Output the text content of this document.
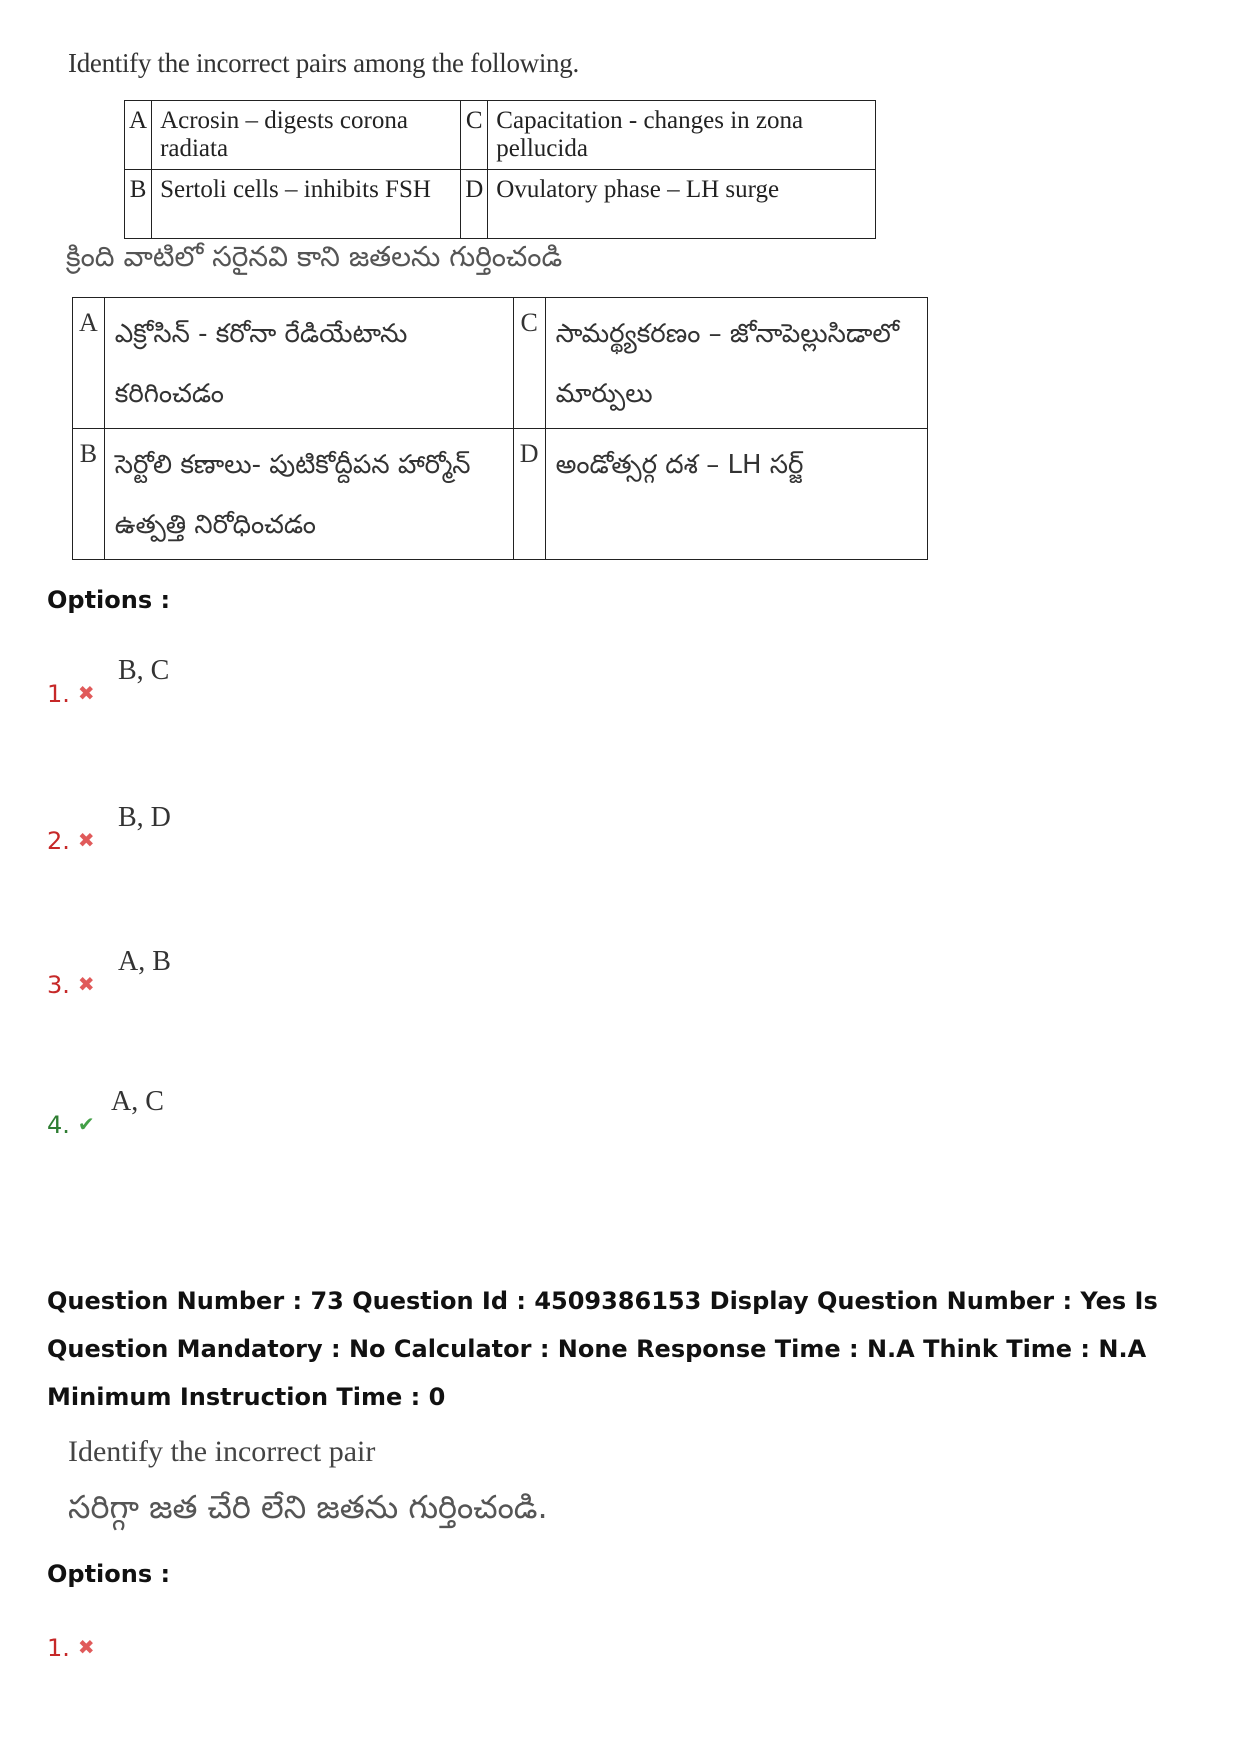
Identify the incorrect pairs among the following.
A	Acrosin – digests corona radiata	C	Capacitation - changes in zona pellucida
B	Sertoli cells – inhibits FSH	D	Ovulatory phase – LH surge
క్రింది వాటిలో సరైనవి కాని జతలను గుర్తించండి
A	ఎక్రోసిన్ - కరోనా రేడియేటాను కరిగించడం	C	సామర్థ్యకరణం – జోనాపెల్లుసిడాలో మార్పులు
B	సెర్టోలి కణాలు- పుటికోద్దీపన హార్మోన్ ఉత్పత్తి నిరోధించడం	D	అండోత్సర్గ దశ – LH సర్జ్
Options :
B, C
1. ✖
B, D
2. ✖
A, B
3. ✖
A, C
4. ✔
Question Number : 73 Question Id : 4509386153 Display Question Number : Yes Is Question Mandatory : No Calculator : None Response Time : N.A Think Time : N.A Minimum Instruction Time : 0
Identify the incorrect pair
సరిగ్గా జత చేరి లేని జతను గుర్తించండి.
Options :
1. ✖
